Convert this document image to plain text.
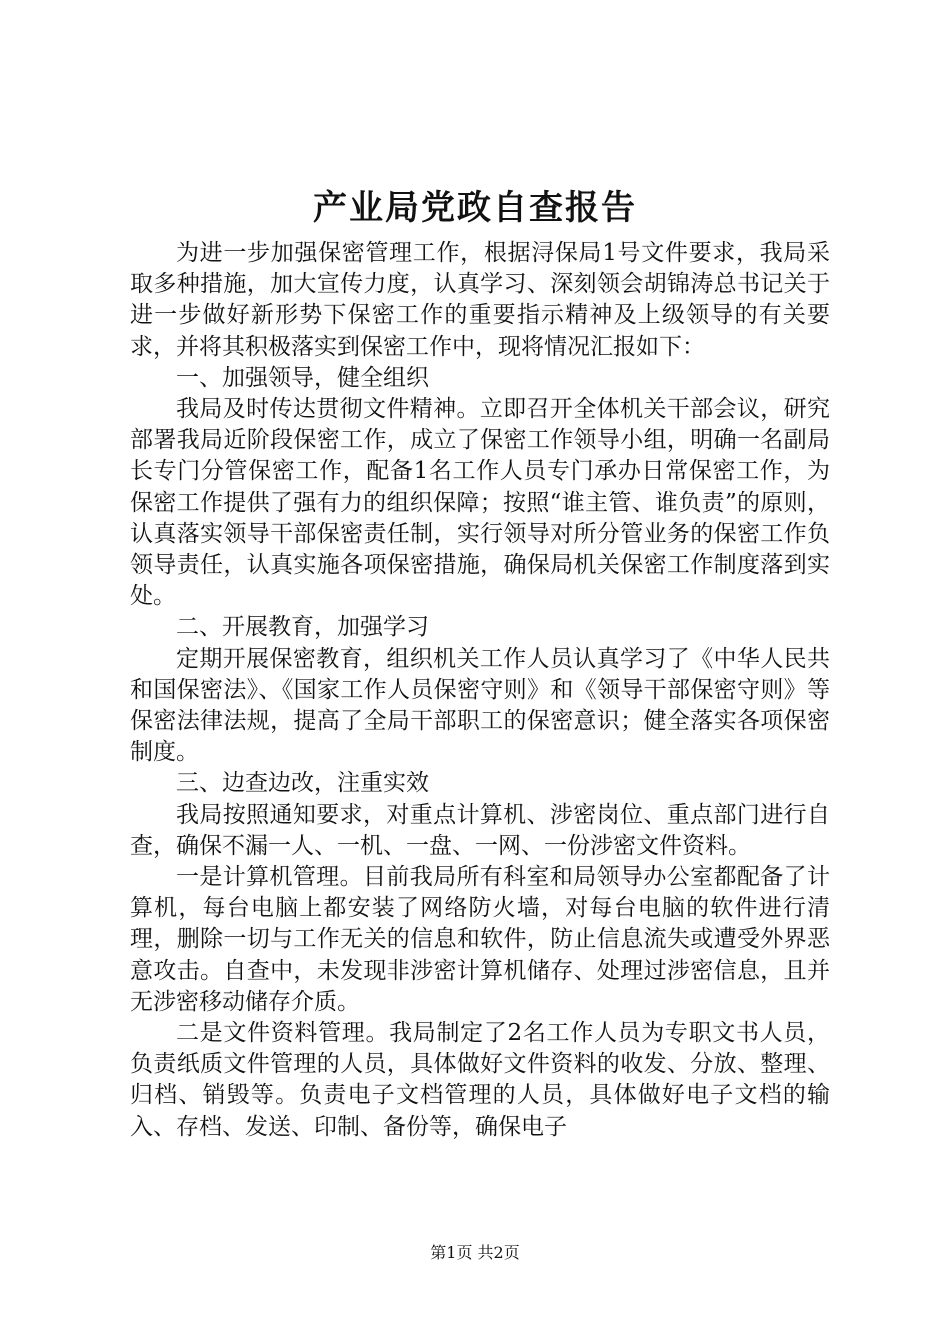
产业局党政自查报告

为进一步加强保密管理工作，根据浔保局1号文件要求，我局采取多种措施，加大宣传力度，认真学习、深刻领会胡锦涛总书记关于进一步做好新形势下保密工作的重要指示精神及上级领导的有关要求，并将其积极落实到保密工作中，现将情况汇报如下：

一、加强领导，健全组织

我局及时传达贯彻文件精神。立即召开全体机关干部会议，研究部署我局近阶段保密工作，成立了保密工作领导小组，明确一名副局长专门分管保密工作，配备1名工作人员专门承办日常保密工作，为保密工作提供了强有力的组织保障；按照“谁主管、谁负责”的原则，认真落实领导干部保密责任制，实行领导对所分管业务的保密工作负领导责任，认真实施各项保密措施，确保局机关保密工作制度落到实处。

二、开展教育，加强学习

定期开展保密教育，组织机关工作人员认真学习了《中华人民共和国保密法》、《国家工作人员保密守则》和《领导干部保密守则》等保密法律法规，提高了全局干部职工的保密意识；健全落实各项保密制度。

三、边查边改，注重实效

我局按照通知要求，对重点计算机、涉密岗位、重点部门进行自查，确保不漏一人、一机、一盘、一网、一份涉密文件资料。

一是计算机管理。目前我局所有科室和局领导办公室都配备了计算机，每台电脑上都安装了网络防火墙，对每台电脑的软件进行清理，删除一切与工作无关的信息和软件，防止信息流失或遭受外界恶意攻击。自查中，未发现非涉密计算机储存、处理过涉密信息，且并无涉密移动储存介质。

二是文件资料管理。我局制定了2名工作人员为专职文书人员，负责纸质文件管理的人员，具体做好文件资料的收发、分放、整理、归档、销毁等。负责电子文档管理的人员，具体做好电子文档的输入、存档、发送、印制、备份等，确保电子

第1页 共2页
